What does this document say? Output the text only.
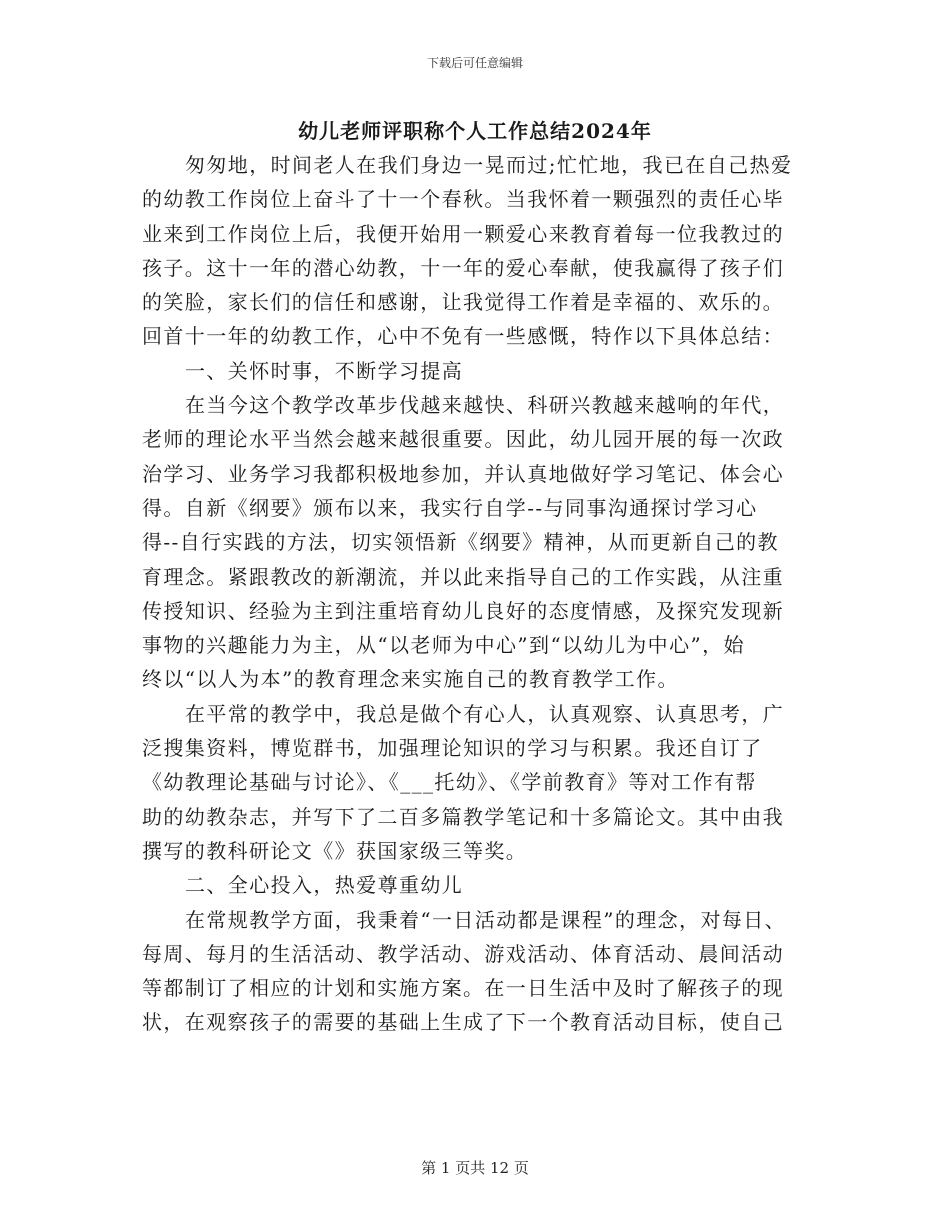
下载后可任意编辑
幼儿老师评职称个人工作总结2024年
匆匆地，时间老人在我们身边一晃而过;忙忙地，我已在自己热爱
的幼教工作岗位上奋斗了十一个春秋。当我怀着一颗强烈的责任心毕
业来到工作岗位上后，我便开始用一颗爱心来教育着每一位我教过的
孩子。这十一年的潜心幼教，十一年的爱心奉献，使我赢得了孩子们
的笑脸，家长们的信任和感谢，让我觉得工作着是幸福的、欢乐的。
回首十一年的幼教工作，心中不免有一些感慨，特作以下具体总结：
一、关怀时事，不断学习提高
在当今这个教学改革步伐越来越快、科研兴教越来越响的年代，
老师的理论水平当然会越来越很重要。因此，幼儿园开展的每一次政
治学习、业务学习我都积极地参加，并认真地做好学习笔记、体会心
得。自新《纲要》颁布以来，我实行自学--与同事沟通探讨学习心
得--自行实践的方法，切实领悟新《纲要》精神，从而更新自己的教
育理念。紧跟教改的新潮流，并以此来指导自己的工作实践，从注重
传授知识、经验为主到注重培育幼儿良好的态度情感，及探究发现新
事物的兴趣能力为主，从“以老师为中心”到“以幼儿为中心”，始
终以“以人为本”的教育理念来实施自己的教育教学工作。
在平常的教学中，我总是做个有心人，认真观察、认真思考，广
泛搜集资料，博览群书，加强理论知识的学习与积累。我还自订了
《幼教理论基础与讨论》、《___托幼》、《学前教育》等对工作有帮
助的幼教杂志，并写下了二百多篇教学笔记和十多篇论文。其中由我
撰写的教科研论文《》获国家级三等奖。
二、全心投入，热爱尊重幼儿
在常规教学方面，我秉着“一日活动都是课程”的理念，对每日、
每周、每月的生活活动、教学活动、游戏活动、体育活动、晨间活动
等都制订了相应的计划和实施方案。在一日生活中及时了解孩子的现
状，在观察孩子的需要的基础上生成了下一个教育活动目标，使自己
第 1 页共 12 页
